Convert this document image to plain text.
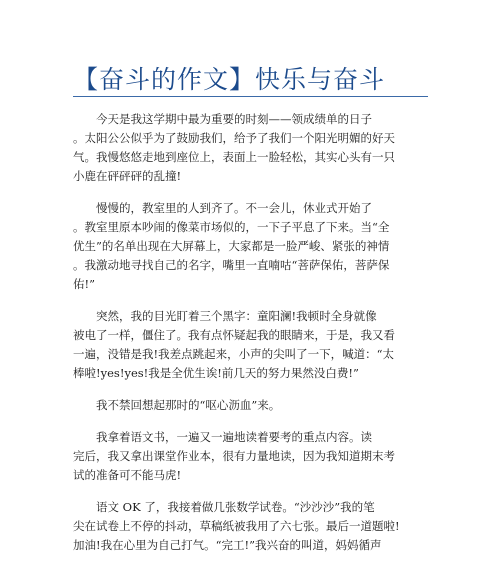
【奋斗的作文】快乐与奋斗

　　今天是我这学期中最为重要的时刻——领成绩单的日子
。太阳公公似乎为了鼓励我们，给予了我们一个阳光明媚的好天
气。我慢悠悠走地到座位上，表面上一脸轻松，其实心头有一只
小鹿在砰砰砰的乱撞!

　　慢慢的，教室里的人到齐了。不一会儿，休业式开始了
。教室里原本吵闹的像菜市场似的，一下子平息了下来。当“全
优生”的名单出现在大屏幕上，大家都是一脸严峻、紧张的神情
。我激动地寻找自己的名字，嘴里一直喃咕“菩萨保佑，菩萨保
佑!”

　　突然，我的目光盯着三个黑字：童阳澜!我顿时全身就像
被电了一样，僵住了。我有点怀疑起我的眼睛来，于是，我又看
一遍，没错是我!我差点跳起来，小声的尖叫了一下，喊道：“太
棒啦!yes!yes!我是全优生诶!前几天的努力果然没白费!”

　　我不禁回想起那时的“呕心沥血”来。

　　我拿着语文书，一遍又一遍地读着要考的重点内容。读
完后，我又拿出课堂作业本，很有力量地读，因为我知道期末考
试的准备可不能马虎!

　　语文 OK 了，我接着做几张数学试卷。“沙沙沙”我的笔
尖在试卷上不停的抖动，草稿纸被我用了六七张。最后一道题啦!
加油!我在心里为自己打气。“完工!”我兴奋的叫道，妈妈循声
